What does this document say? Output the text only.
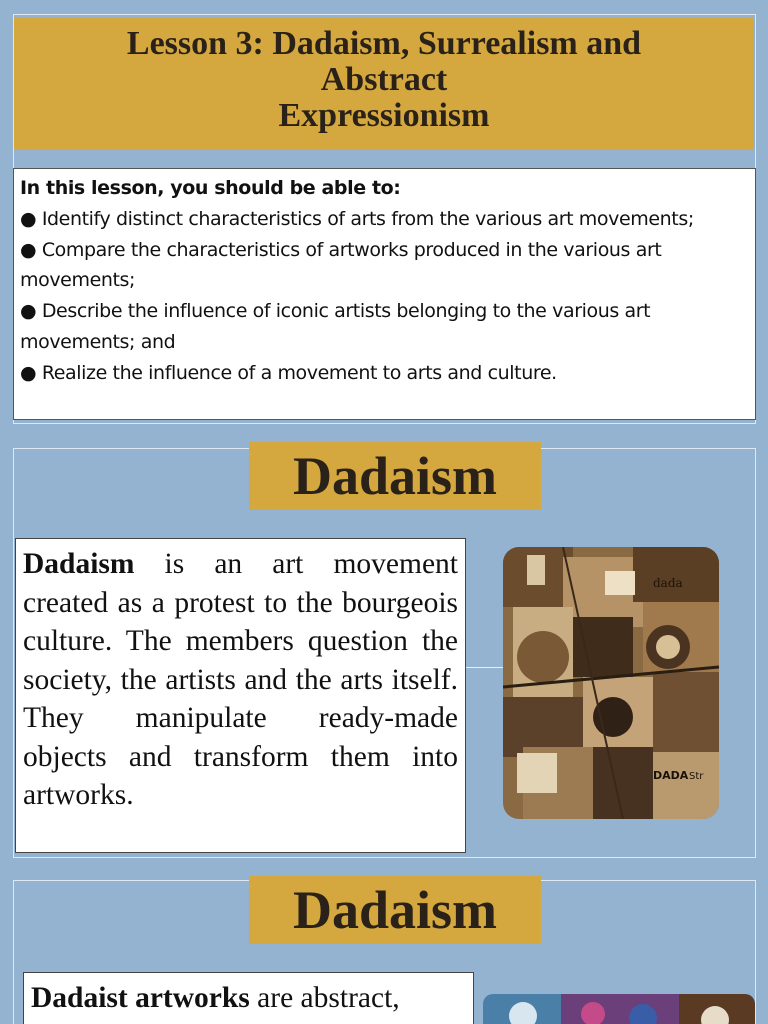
Lesson 3: Dadaism, Surrealism and
Abstract
Expressionism
In this lesson, you should be able to:
● Identify distinct characteristics of arts from the various art movements;
● Compare the characteristics of artworks produced in the various art movements;
● Describe the influence of iconic artists belonging to the various art movements; and
● Realize the influence of a movement to arts and culture.
Dadaism
Dadaism is an art movement created as a protest to the bourgeois culture. The members question the society, the artists and the arts itself. They manipulate ready-made objects and transform them into artworks.
DADA
dada
Str
Dadaism
Dadaist artworks are abstract,
